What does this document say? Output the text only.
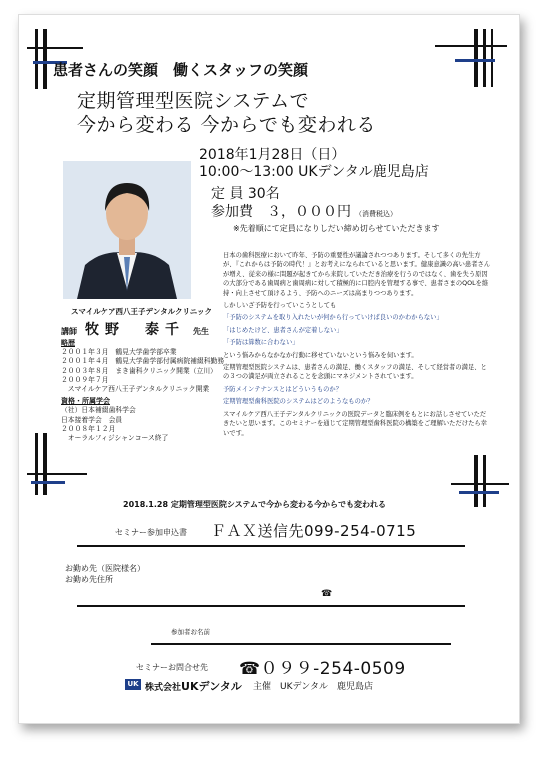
患者さんの笑顔　働くスタッフの笑顔
定期管理型医院システムで
今から変わる 今からでも変われる
2018年1月28日（日）
10:00〜13:00 UKデンタル鹿児島店
定 員 30名
参加費　３，０００円 （消費税込）
※先着順にて定員になりしだい締め切らせていただきます
スマイルケア西八王子デンタルクリニック
講師 牧野　泰千 先生
略歴
２００１年３月　鶴見大学歯学部卒業
２００１年４月　鶴見大学歯学部付属病院補綴科勤務
２００３年８月　まき歯科クリニック開業（立川）
２００９年７月
　スマイルケア西八王子デンタルクリニック開業
資格・所属学会
（社）日本補綴歯科学会
日本接着学会　会員
２００８年１２月
　オーラルフィジシャンコース終了

日本の歯科医療において昨年、予防の重要性が議論されつつあります。そして多くの先生方が、『これからは予防の時代！』とお考えになられていると思います。健康意識の高い患者さんが増え、従来の様に問題が起きてから来院していただき治療を行うのではなく、歯を失う原因の大部分である歯周病と歯周病に対して積極的に口腔内を管理する事で、患者さまのQOLを維持・向上させて頂けるよう、予防へのニーズは高まりつつあります。

しかしいざ予防を行っていこうとしても

「予防のシステムを取り入れたいが何から行っていけば良いのかわからない」

「はじめたけど、患者さんが定着しない」

「予防は算数に合わない」

という悩みからなかなか行動に移せていないという悩みを伺います。

定期管理型医院システムは、患者さんの満足、働くスタッフの満足、そして経営者の満足、との３つの満足が両立されることを念頭にマネジメントされています。

予防メインテナンスとはどういうものか？

定期管理型歯科医院のシステムはどのようなものか？

スマイルケア西八王子デンタルクリニックの医院データと臨床例をもとにお話しさせていただきたいと思います。このセミナーを通じて定期管理型歯科医院の構築をご理解いただけたら幸いです。

2018.1.28 定期管理型医院システムで今から変わる今からでも変われる
セミナー参加申込書 ＦＡＸ送信先099-254-0715
お勤め先（医院様名）
お勤め先住所
☎
参加者お名前
セミナーお問合せ先 ☎０９９-254-0509
UK 株式会社UKデンタル 主催　UKデンタル　鹿児島店
